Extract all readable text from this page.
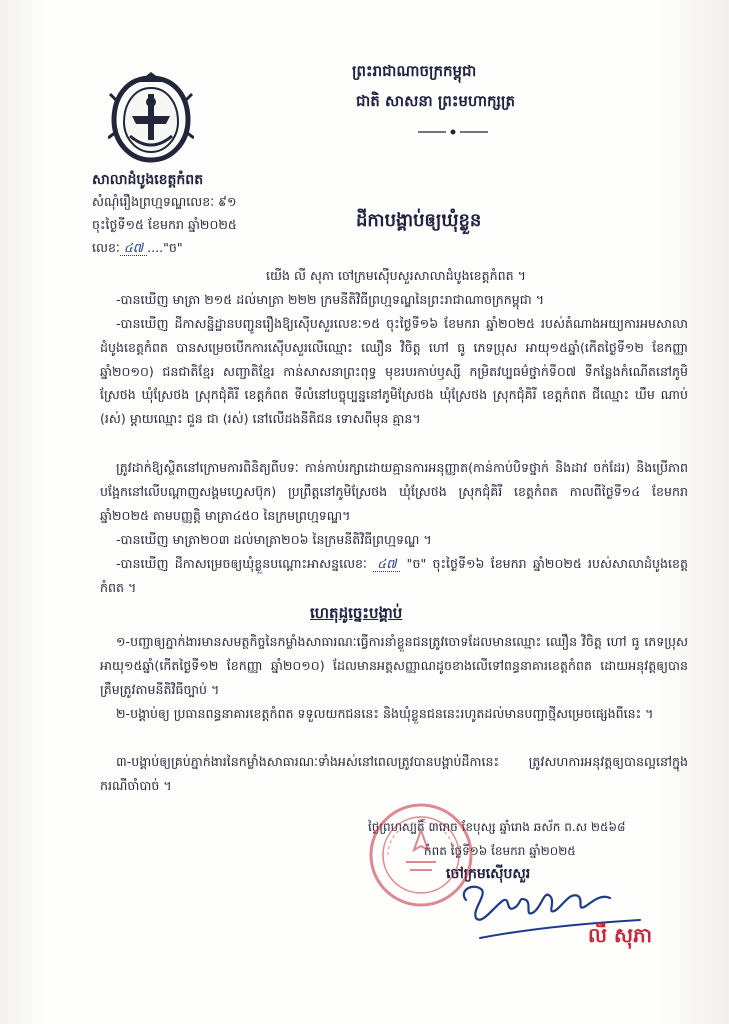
ព្រះរាជាណាចក្រកម្ពុជា
ជាតិ សាសនា ព្រះមហាក្សត្រ
សាលាដំបូងខេត្តកំពត
សំណុំរឿងព្រហ្មទណ្ឌលេខៈ ៩១
ចុះថ្ងៃទី១៥ ខែមករា ឆ្នាំ២០២៥
លេខៈ ៤៧ ...."ច"
ដីកាបង្គាប់ឲ្យឃុំខ្លួន
យើង លី សុភា ចៅក្រមស៊ើបសួរសាលាដំបូងខេត្តកំពត ។
-បានឃើញ មាត្រា ២១៥ ដល់មាត្រា ២២២ ក្រមនីតិវិធីព្រហ្មទណ្ឌនៃព្រះរាជាណាចក្រកម្ពុជា ។
-បានឃើញ ដីកាសន្និដ្ឋានបញ្ជូនរឿងឱ្យស៊ើបសួរលេខៈ១៥ ចុះថ្ងៃទី១៦ ខែមករា ឆ្នាំ២០២៥ របស់តំណាងអយ្យការអមសាលាដំបូងខេត្តកំពត បានសម្រេចបើកការស៊ើបសួរលើឈ្មោះ ឈឿន វិចិត្ត ហៅ ធូ ភេទប្រុស អាយុ១៥ឆ្នាំ(កើតថ្ងៃទី១២ ខែកញ្ញា ឆ្នាំ២០១០) ជនជាតិខ្មែរ សញ្ជាតិខ្មែរ កាន់សាសនាព្រះពុទ្ធ មុខរបរកាប់ឫស្សី កម្រិតវប្បធម៌ថ្នាក់ទី០៧ ទីកន្លែងកំណើតនៅភូមិស្រែថង ឃុំស្រែថង ស្រុកជុំគិរី ខេត្តកំពត ទីលំនៅបច្ចុប្បន្ននៅភូមិស្រែថង ឃុំស្រែថង ស្រុកជុំគិរី ខេត្តកំពត ជីឈ្មោះ ឃឹម ណាប់ (រស់) ម្តាយឈ្មោះ ជួន ជា (រស់) នៅលើដងនីតិជន ទោសពីមុន គ្មាន។
ត្រូវដាក់ឱ្យស្ថិតនៅក្រោមការពិនិត្យពីបទៈ កាន់កាប់រក្សាដោយគ្មានការអនុញ្ញាត(កាន់កាប់បិទថ្នាក់ និងដាវ ចក់ដែរ) និងប្រើភាពបង្អែកនៅលើបណ្តាញសង្គមហ្វេសប៊ុក) ប្រព្រឹត្តនៅភូមិស្រែថង ឃុំស្រែថង ស្រុកជុំគិរី ខេត្តកំពត កាលពីថ្ងៃទី១៤ ខែមករា ឆ្នាំ២០២៥ តាមបញ្ញត្តិ មាត្រា៤៥០ នៃក្រមព្រហ្មទណ្ឌ។
-បានឃើញ មាត្រា២០៣ ដល់មាត្រា២០៦ នៃក្រមនីតិវិធីព្រហ្មទណ្ឌ ។
-បានឃើញ ដីកាសម្រេចឲ្យឃុំខ្លួនបណ្តោះអាសន្នលេខៈ ៤៧ "ច" ចុះថ្ងៃទី១៦ ខែមករា ឆ្នាំ២០២៥ របស់សាលាដំបូងខេត្តកំពត ។
ហេតុដូច្នេះបង្គាប់
១-បញ្ជាឲ្យភ្នាក់ងារមានសមត្ថកិច្ចនៃកម្លាំងសាធារណៈធ្វើការនាំខ្លួនជនត្រូវចោទដែលមានឈ្មោះ ឈឿន វិចិត្ត ហៅ ធូ ភេទប្រុស អាយុ១៥ឆ្នាំ(កើតថ្ងៃទី១២ ខែកញ្ញា ឆ្នាំ២០១០) ដែលមានអត្តសញ្ញាណដូចខាងលើទៅពន្ធនាគារខេត្តកំពត ដោយអនុវត្តឲ្យបានត្រឹមត្រូវតាមនីតិវិធីច្បាប់ ។
២-បង្គាប់ឲ្យ ប្រធានពន្ធនាគារខេត្តកំពត ទទួលយកជននេះ និងឃុំខ្លួនជននេះរហូតដល់មានបញ្ជាថ្មីសម្រេចផ្សេងពីនេះ ។
៣-បង្គាប់ឲ្យគ្រប់ភ្នាក់ងារនៃកម្លាំងសាធារណៈទាំងអស់នៅពេលត្រូវបានបង្គាប់ដីកានេះ ត្រូវសហការអនុវត្តឲ្យបានល្អនៅក្នុងករណីចាំបាច់ ។
ថ្ងៃព្រហស្បតិ៍ ៣រោច ខែបុស្ស ឆ្នាំរោង ឆស័ក ព.ស ២៥៦៨
កំពត ថ្ងៃទី១៦ ខែមករា ឆ្នាំ២០២៥
ចៅក្រមស៊ើបសួរ
លី សុភា
